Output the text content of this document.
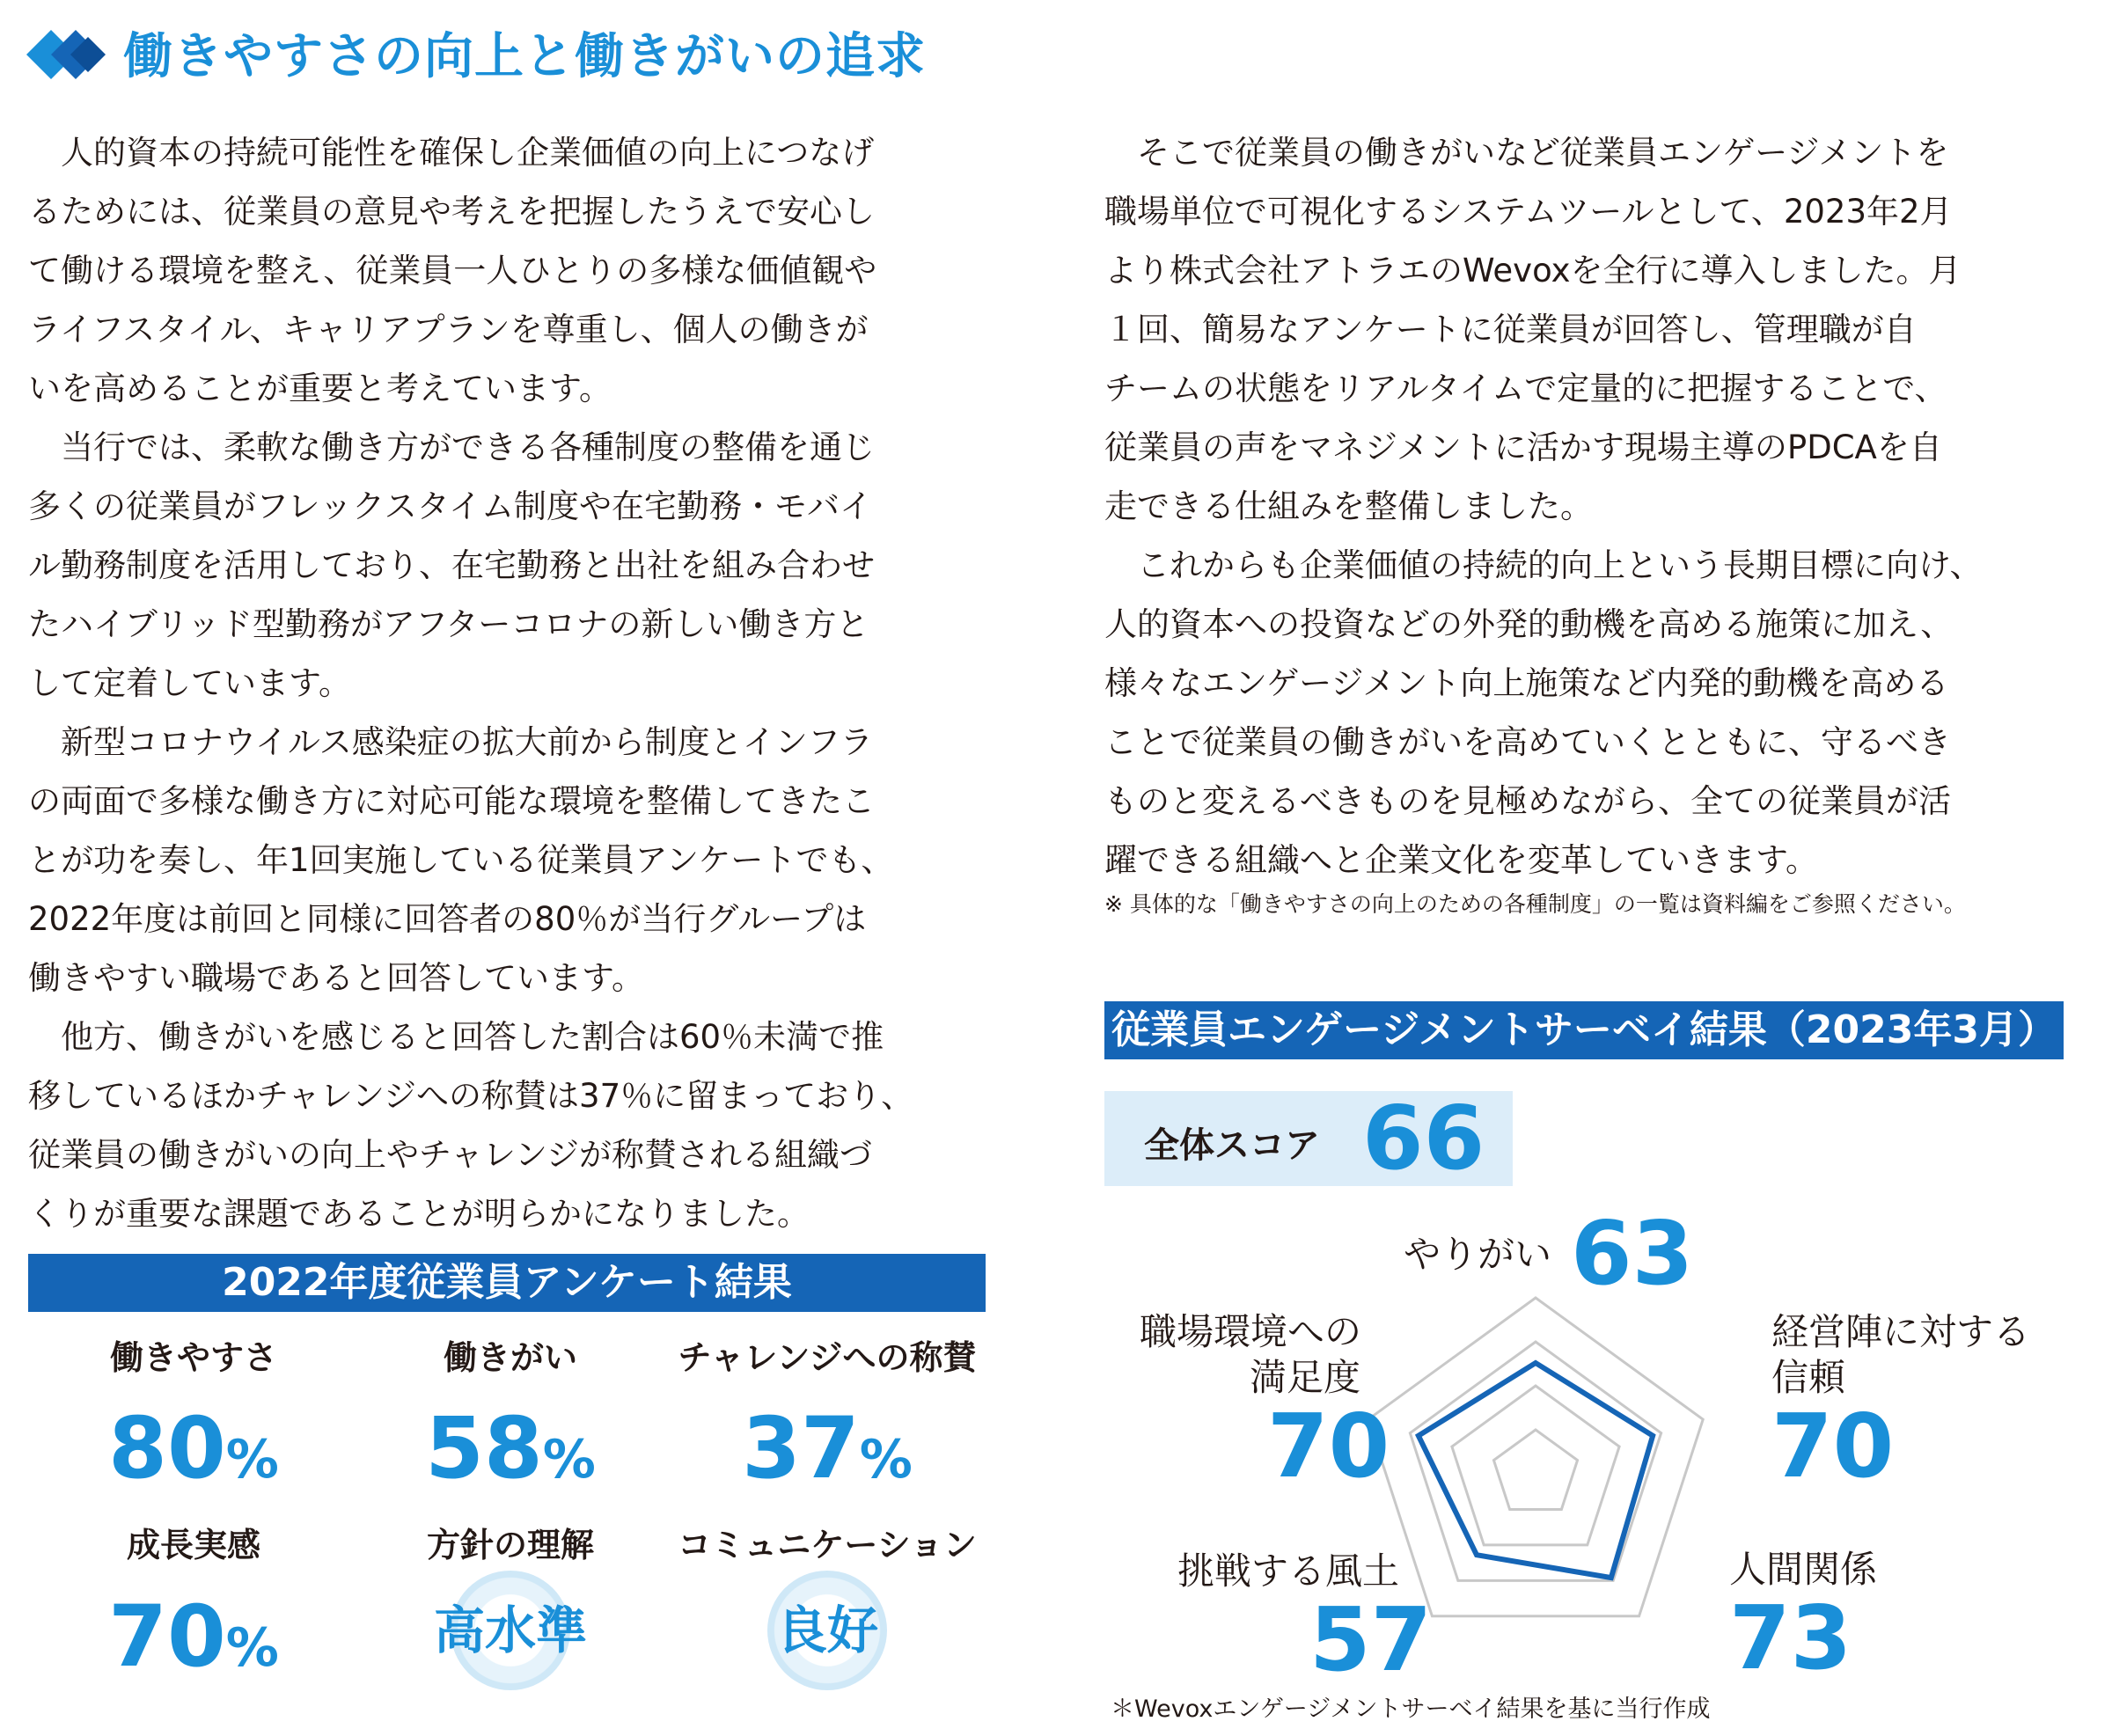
働きやすさの向上と働きがいの追求

　人的資本の持続可能性を確保し企業価値の向上につなげ

るためには、従業員の意見や考えを把握したうえで安心し

て働ける環境を整え、従業員一人ひとりの多様な価値観や

ライフスタイル、キャリアプランを尊重し、個人の働きが

いを高めることが重要と考えています。

　当行では、柔軟な働き方ができる各種制度の整備を通じ

多くの従業員がフレックスタイム制度や在宅勤務・モバイ

ル勤務制度を活用しており、在宅勤務と出社を組み合わせ

たハイブリッド型勤務がアフターコロナの新しい働き方と

して定着しています。

　新型コロナウイルス感染症の拡大前から制度とインフラ

の両面で多様な働き方に対応可能な環境を整備してきたこ

とが功を奏し、年1回実施している従業員アンケートでも、

2022年度は前回と同様に回答者の80％が当行グループは

働きやすい職場であると回答しています。

　他方、働きがいを感じると回答した割合は60％未満で推

移しているほかチャレンジへの称賛は37％に留まっており、

従業員の働きがいの向上やチャレンジが称賛される組織づ

くりが重要な課題であることが明らかになりました。

　そこで従業員の働きがいなど従業員エンゲージメントを

職場単位で可視化するシステムツールとして、2023年2月

より株式会社アトラエのWevoxを全行に導入しました。月

１回、簡易なアンケートに従業員が回答し、管理職が自

チームの状態をリアルタイムで定量的に把握することで、

従業員の声をマネジメントに活かす現場主導のPDCAを自

走できる仕組みを整備しました。

　これからも企業価値の持続的向上という長期目標に向け、

人的資本への投資などの外発的動機を高める施策に加え、

様々なエンゲージメント向上施策など内発的動機を高める

ことで従業員の働きがいを高めていくとともに、守るべき

ものと変えるべきものを見極めながら、全ての従業員が活

躍できる組織へと企業文化を変革していきます。

※ 具体的な「働きやすさの向上のための各種制度」の一覧は資料編をご参照ください。
2022年度従業員アンケート結果
働きやすさ
80%
働きがい
58%
チャレンジへの称賛
37%
成長実感
70%
方針の理解
高水準
コミュニケーション
良好
従業員エンゲージメントサーベイ結果（2023年3月）
全体スコア 66
やりがい 63
経営陣に対する
信頼
70
人間関係
73
挑戦する風土
57
職場環境への
満足度
70
＊Wevoxエンゲージメントサーベイ結果を基に当行作成
